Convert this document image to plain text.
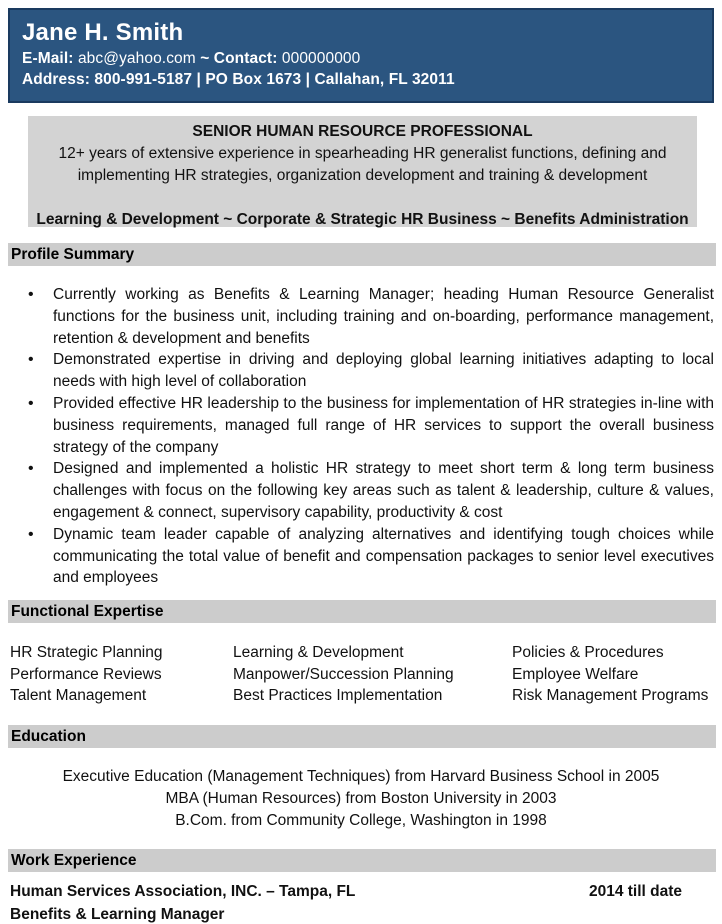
Jane H. Smith
E-Mail: abc@yahoo.com ~ Contact: 000000000
Address: 800-991-5187 | PO Box 1673 | Callahan, FL 32011
SENIOR HUMAN RESOURCE PROFESSIONAL
12+ years of extensive experience in spearheading HR generalist functions, defining and implementing HR strategies, organization development and training & development
Learning & Development ~ Corporate & Strategic HR Business ~ Benefits Administration
Profile Summary
• Currently working as Benefits & Learning Manager; heading Human Resource Generalist functions for the business unit, including training and on-boarding, performance management, retention & development and benefits
• Demonstrated expertise in driving and deploying global learning initiatives adapting to local needs with high level of collaboration
• Provided effective HR leadership to the business for implementation of HR strategies in-line with business requirements, managed full range of HR services to support the overall business strategy of the company
• Designed and implemented a holistic HR strategy to meet short term & long term business challenges with focus on the following key areas such as talent & leadership, culture & values, engagement & connect, supervisory capability, productivity & cost
• Dynamic team leader capable of analyzing alternatives and identifying tough choices while communicating the total value of benefit and compensation packages to senior level executives and employees
Functional Expertise
HR Strategic Planning
Performance Reviews
Talent Management
Learning & Development
Manpower/Succession Planning
Best Practices Implementation
Policies & Procedures
Employee Welfare
Risk Management Programs
Education
Executive Education (Management Techniques) from Harvard Business School in 2005
MBA (Human Resources) from Boston University in 2003
B.Com. from Community College, Washington in 1998
Work Experience
Human Services Association, INC. – Tampa, FL	2014 till date
Benefits & Learning Manager
